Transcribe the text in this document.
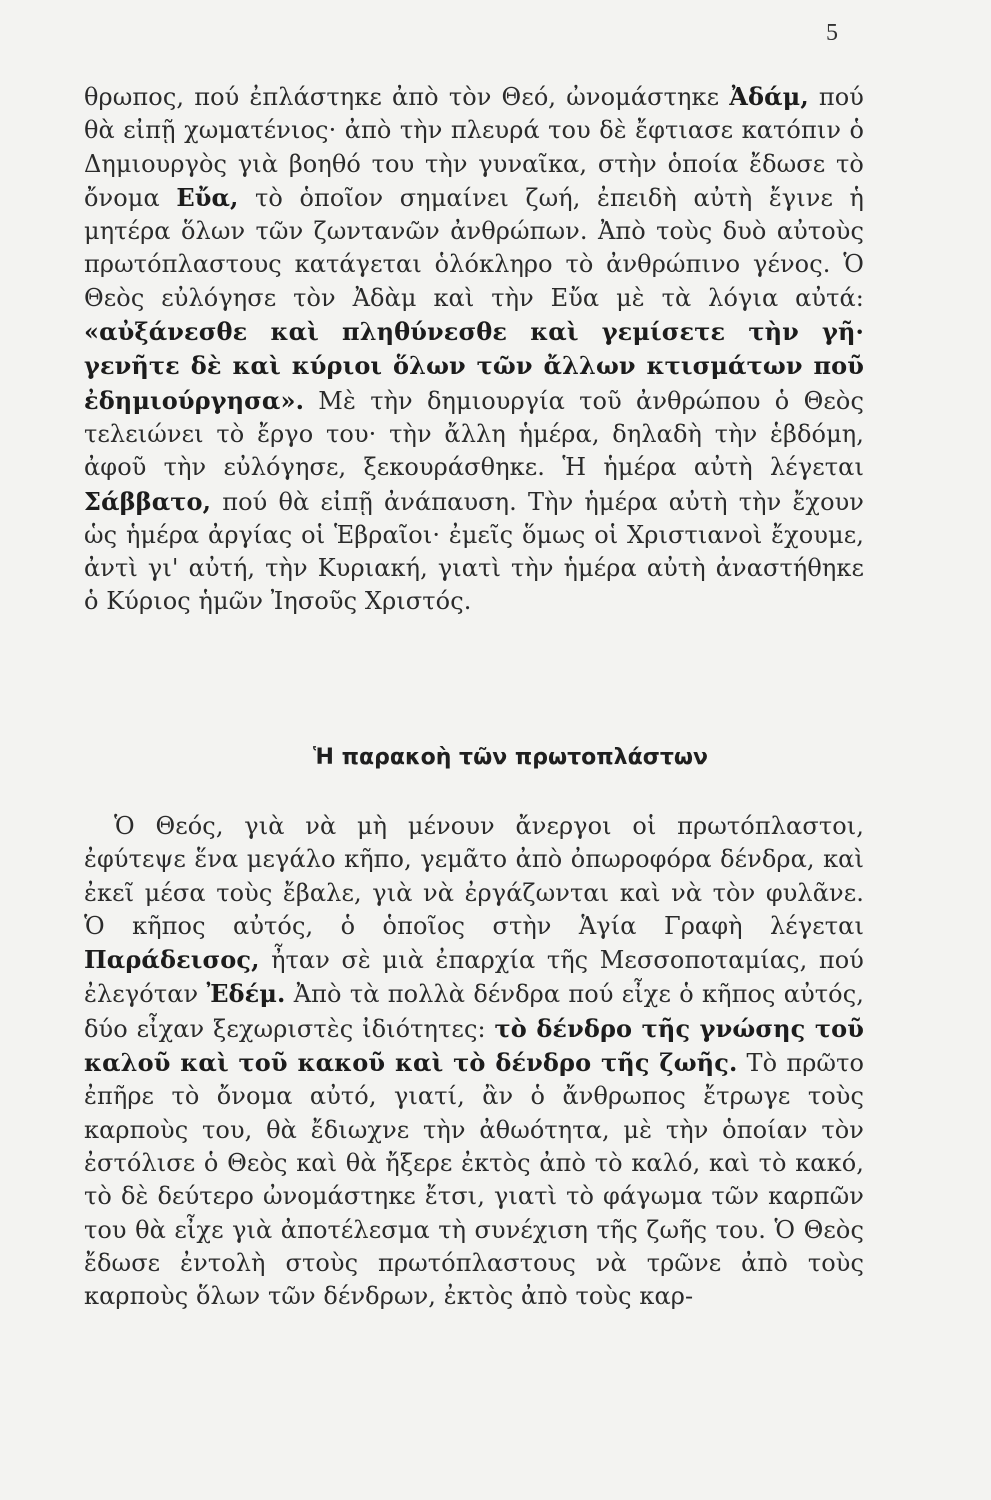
5
θρωπος, πού ἐπλάστηκε ἀπὸ τὸν Θεό, ὠνομάστηκε Ἀδάμ, πού θὰ εἰπῇ χωματένιος· ἀπὸ τὴν πλευρά του δὲ ἔφτιασε κατόπιν ὁ Δημιουργὸς γιὰ βοηθό του τὴν γυναῖκα, στὴν ὁποία ἔδωσε τὸ ὄνομα Εὔα, τὸ ὁποῖον σημαίνει ζωή, ἐπειδὴ αὐτὴ ἔγινε ἡ μητέρα ὅλων τῶν ζωντανῶν ἀνθρώπων. Ἀπὸ τοὺς δυὸ αὐτοὺς πρωτόπλαστους κατάγεται ὁλόκληρο τὸ ἀνθρώπινο γένος. Ὁ Θεὸς εὐλόγησε τὸν Ἀδὰμ καὶ τὴν Εὔα μὲ τὰ λόγια αὐτά: «αὐξάνεσθε καὶ πληθύνεσθε καὶ γεμίσετε τὴν γῆ· γενῆτε δὲ καὶ κύριοι ὅλων τῶν ἄλλων κτισμάτων ποῦ ἐδημιούργησα». Μὲ τὴν δημιουργία τοῦ ἀνθρώπου ὁ Θεὸς τελειώνει τὸ ἔργο του· τὴν ἄλλη ἡμέρα, δηλαδὴ τὴν ἑβδόμη, ἀφοῦ τὴν εὐλόγησε, ξεκουράσθηκε. Ἡ ἡμέρα αὐτὴ λέγεται Σάββατο, πού θὰ εἰπῇ ἀνάπαυση. Τὴν ἡμέρα αὐτὴ τὴν ἔχουν ὡς ἡμέρα ἀργίας οἱ Ἑβραῖοι· ἐμεῖς ὅμως οἱ Χριστιανοὶ ἔχουμε, ἀντὶ γι' αὐτή, τὴν Κυριακή, γιατὶ τὴν ἡμέρα αὐτὴ ἀναστήθηκε ὁ Κύριος ἡμῶν Ἰησοῦς Χριστός.
Ἡ παρακοὴ τῶν πρωτοπλάστων
Ὁ Θεός, γιὰ νὰ μὴ μένουν ἄνεργοι οἱ πρωτόπλαστοι, ἐφύτεψε ἕνα μεγάλο κῆπο, γεμᾶτο ἀπὸ ὀπωροφόρα δένδρα, καὶ ἐκεῖ μέσα τοὺς ἔβαλε, γιὰ νὰ ἐργάζωνται καὶ νὰ τὸν φυλᾶνε. Ὁ κῆπος αὐτός, ὁ ὁποῖος στὴν Ἁγία Γραφὴ λέγεται Παράδεισος, ἦταν σὲ μιὰ ἐπαρχία τῆς Μεσσοποταμίας, πού ἐλεγόταν Ἐδέμ. Ἀπὸ τὰ πολλὰ δένδρα πού εἶχε ὁ κῆπος αὐτός, δύο εἶχαν ξεχωριστὲς ἰδιότητες: τὸ δένδρο τῆς γνώσης τοῦ καλοῦ καὶ τοῦ κακοῦ καὶ τὸ δένδρο τῆς ζωῆς. Τὸ πρῶτο ἐπῆρε τὸ ὄνομα αὐτό, γιατί, ἂν ὁ ἄνθρωπος ἔτρωγε τοὺς καρποὺς του, θὰ ἔδιωχνε τὴν ἀθωότητα, μὲ τὴν ὁποίαν τὸν ἐστόλισε ὁ Θεὸς καὶ θὰ ἤξερε ἐκτὸς ἀπὸ τὸ καλό, καὶ τὸ κακό, τὸ δὲ δεύτερο ὠνομάστηκε ἔτσι, γιατὶ τὸ φάγωμα τῶν καρπῶν του θὰ εἶχε γιὰ ἀποτέλεσμα τὴ συνέχιση τῆς ζωῆς του. Ὁ Θεὸς ἔδωσε ἐντολὴ στοὺς πρωτόπλαστους νὰ τρῶνε ἀπὸ τοὺς καρποὺς ὅλων τῶν δένδρων, ἐκτὸς ἀπὸ τοὺς καρ-
